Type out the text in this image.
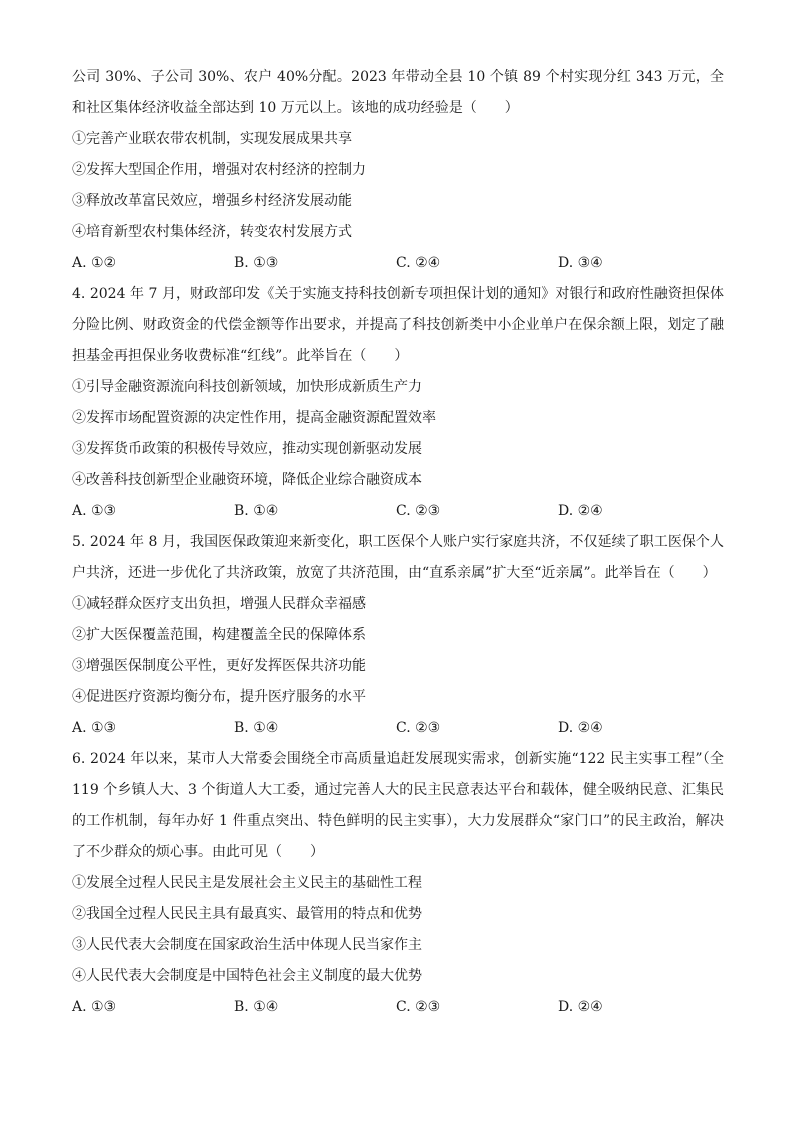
公司 30%、子公司 30%、农户 40%分配。2023 年带动全县 10 个镇 89 个村实现分红 343 万元，全
和社区集体经济收益全部达到 10 万元以上。该地的成功经验是（　　）
①完善产业联农带农机制，实现发展成果共享
②发挥大型国企作用，增强对农村经济的控制力
③释放改革富民效应，增强乡村经济发展动能
④培育新型农村集体经济，转变农村发展方式
A. ①②	B. ①③	C. ②④	D. ③④
4. 2024 年 7 月，财政部印发《关于实施支持科技创新专项担保计划的通知》对银行和政府性融资担保体
分险比例、财政资金的代偿金额等作出要求，并提高了科技创新类中小企业单户在保余额上限，划定了融
担基金再担保业务收费标准“红线”。此举旨在（　　）
①引导金融资源流向科技创新领域，加快形成新质生产力
②发挥市场配置资源的决定性作用，提高金融资源配置效率
③发挥货币政策的积极传导效应，推动实现创新驱动发展
④改善科技创新型企业融资环境，降低企业综合融资成本
A. ①③	B. ①④	C. ②③	D. ②④
5. 2024 年 8 月，我国医保政策迎来新变化，职工医保个人账户实行家庭共济，不仅延续了职工医保个人
户共济，还进一步优化了共济政策，放宽了共济范围，由“直系亲属”扩大至“近亲属”。此举旨在（　　）
①减轻群众医疗支出负担，增强人民群众幸福感
②扩大医保覆盖范围，构建覆盖全民的保障体系
③增强医保制度公平性，更好发挥医保共济功能
④促进医疗资源均衡分布，提升医疗服务的水平
A. ①③	B. ①④	C. ②③	D. ②④
6. 2024 年以来，某市人大常委会围绕全市高质量追赶发展现实需求，创新实施“122 民主实事工程”（全
119 个乡镇人大、3 个街道人大工委，通过完善人大的民主民意表达平台和载体，健全吸纳民意、汇集民
的工作机制，每年办好 1 件重点突出、特色鲜明的民主实事），大力发展群众“家门口”的民主政治，解决
了不少群众的烦心事。由此可见（　　）
①发展全过程人民民主是发展社会主义民主的基础性工程
②我国全过程人民民主具有最真实、最管用的特点和优势
③人民代表大会制度在国家政治生活中体现人民当家作主
④人民代表大会制度是中国特色社会主义制度的最大优势
A. ①③	B. ①④	C. ②③	D. ②④
